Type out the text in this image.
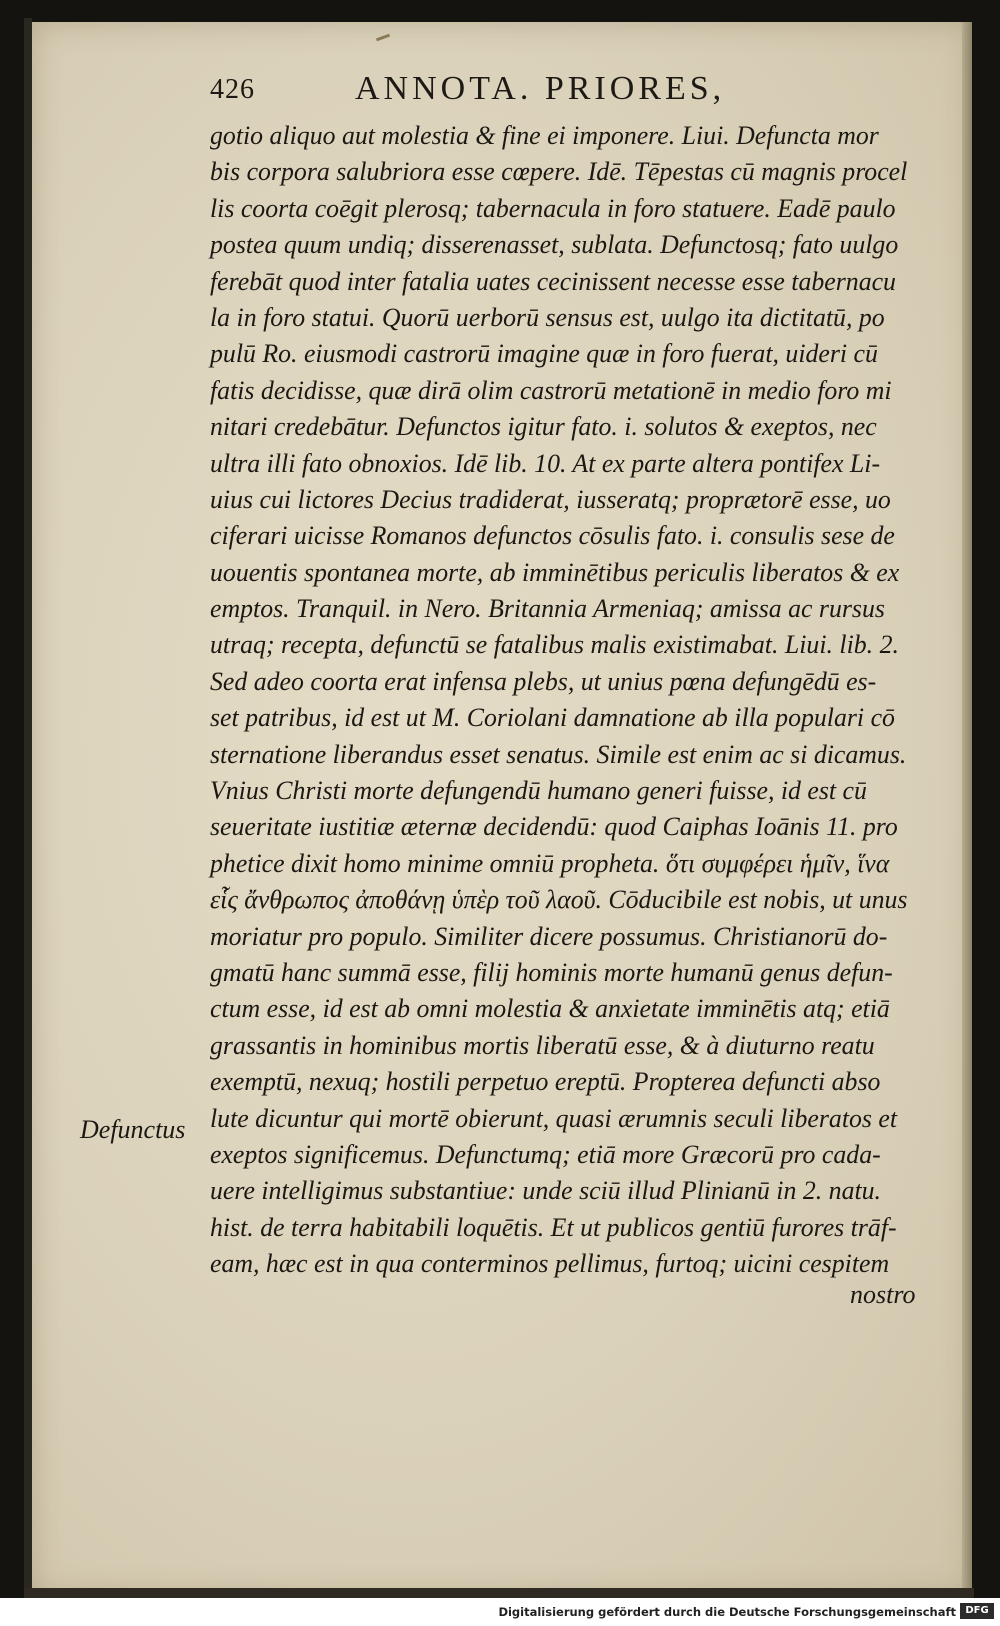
426	ANNOTA. PRIORES,
gotio aliquo aut molestia & fine ei imponere. Liui. Defuncta mor
bis corpora salubriora esse cœpere. Idē. Tēpestas cū magnis procel
lis coorta coēgit plerosq; tabernacula in foro statuere. Eadē paulo
postea quum undiq; disserenasset, sublata. Defunctosq; fato uulgo
ferebāt quod inter fatalia uates cecinissent necesse esse tabernacu
la in foro statui. Quorū uerborū sensus est, uulgo ita dictitatū, po
pulū Ro. eiusmodi castrorū imagine quæ in foro fuerat, uideri cū
fatis decidisse, quæ dirā olim castrorū metationē in medio foro mi
nitari credebātur. Defunctos igitur fato. i. solutos & exeptos, nec
ultra illi fato obnoxios. Idē lib. 10. At ex parte altera pontifex Li-
uius cui lictores Decius tradiderat, iusseratq; proprætorē esse, uo
ciferari uicisse Romanos defunctos cōsulis fato. i. consulis sese de
uouentis spontanea morte, ab imminētibus periculis liberatos & ex
emptos. Tranquil. in Nero. Britannia Armeniaq; amissa ac rursus
utraq; recepta, defunctū se fatalibus malis existimabat. Liui. lib. 2.
Sed adeo coorta erat infensa plebs, ut unius pœna defungēdū es-
set patribus, id est ut M. Coriolani damnatione ab illa populari cō
sternatione liberandus esset senatus. Simile est enim ac si dicamus.
Vnius Christi morte defungendū humano generi fuisse, id est cū
seueritate iustitiæ æternæ decidendū: quod Caiphas Ioānis 11. pro
phetice dixit homo minime omniū propheta. ὅτι συμφέρει ἡμῖν, ἵνα
εἷς ἄνθρωπος ἀποθάνῃ ὑπὲρ τοῦ λαοῦ. Cōducibile est nobis, ut unus
moriatur pro populo. Similiter dicere possumus. Christianorū do-
gmatū hanc summā esse, filij hominis morte humanū genus defun-
ctum esse, id est ab omni molestia & anxietate imminētis atq; etiā
grassantis in hominibus mortis liberatū esse, & à diuturno reatu
exemptū, nexuq; hostili perpetuo ereptū. Propterea defuncti abso
lute dicuntur qui mortē obierunt, quasi ærumnis seculi liberatos et
exeptos significemus. Defunctumq; etiā more Græcorū pro cada-
uere intelligimus substantiue: unde sciū illud Plinianū in 2. natu.
hist. de terra habitabili loquētis. Et ut publicos gentiū furores trāf-
eam, hæc est in qua conterminos pellimus, furtoq; uicini cespitem
Defunctus
nostro
Digitalisierung gefördert durch die Deutsche Forschungsgemeinschaft DFG
